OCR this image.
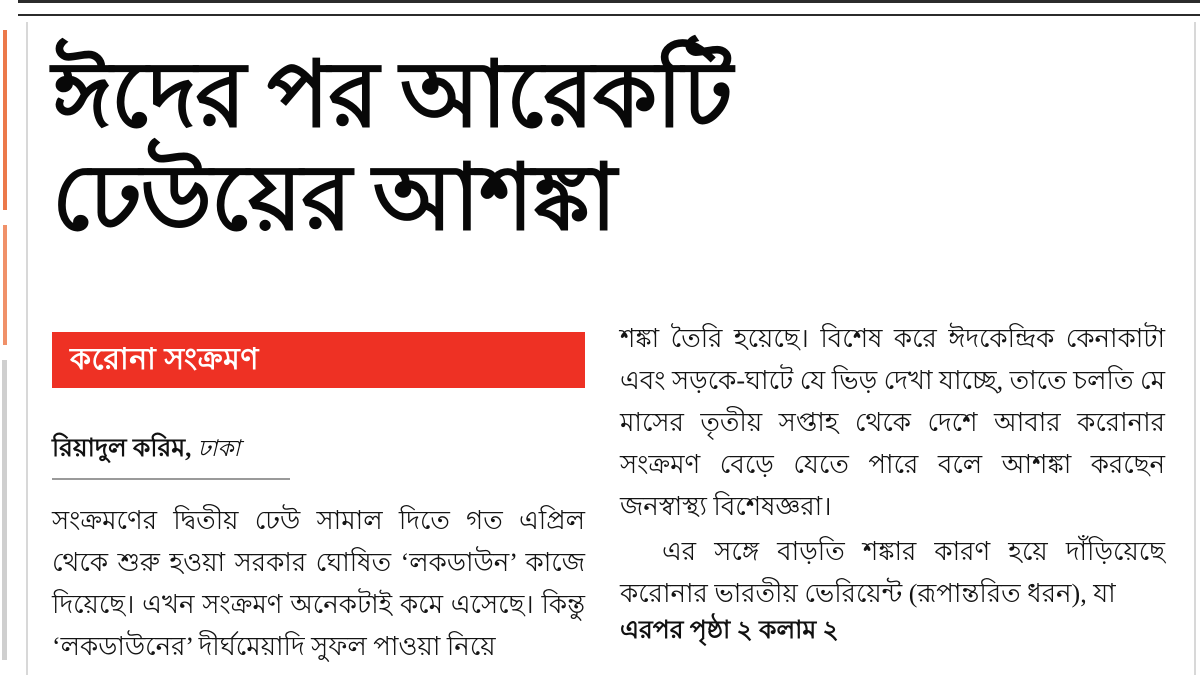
ঈদের পর আরেকটি
ঢেউয়ের আশঙ্কা
করোনা সংক্রমণ
রিয়াদুল করিম, ঢাকা

সংক্রমণের দ্বিতীয় ঢেউ সামাল দিতে গত এপ্রিল থেকে শুরু হওয়া সরকার ঘোষিত ‘লকডাউন’ কাজে দিয়েছে। এখন সংক্রমণ অনেকটাই কমে এসেছে। কিন্তু ‘লকডাউনের’ দীর্ঘমেয়াদি সুফল পাওয়া নিয়ে

শঙ্কা তৈরি হয়েছে। বিশেষ করে ঈদকেন্দ্রিক কেনাকাটা এবং সড়কে-ঘাটে যে ভিড় দেখা যাচ্ছে, তাতে চলতি মে মাসের তৃতীয় সপ্তাহ থেকে দেশে আবার করোনার সংক্রমণ বেড়ে যেতে পারে বলে আশঙ্কা করছেন জনস্বাস্থ্য বিশেষজ্ঞরা।

এর সঙ্গে বাড়তি শঙ্কার কারণ হয়ে দাঁড়িয়েছে করোনার ভারতীয় ভেরিয়েন্ট (রূপান্তরিত ধরন), যা

এরপর পৃষ্ঠা ২ কলাম ২
